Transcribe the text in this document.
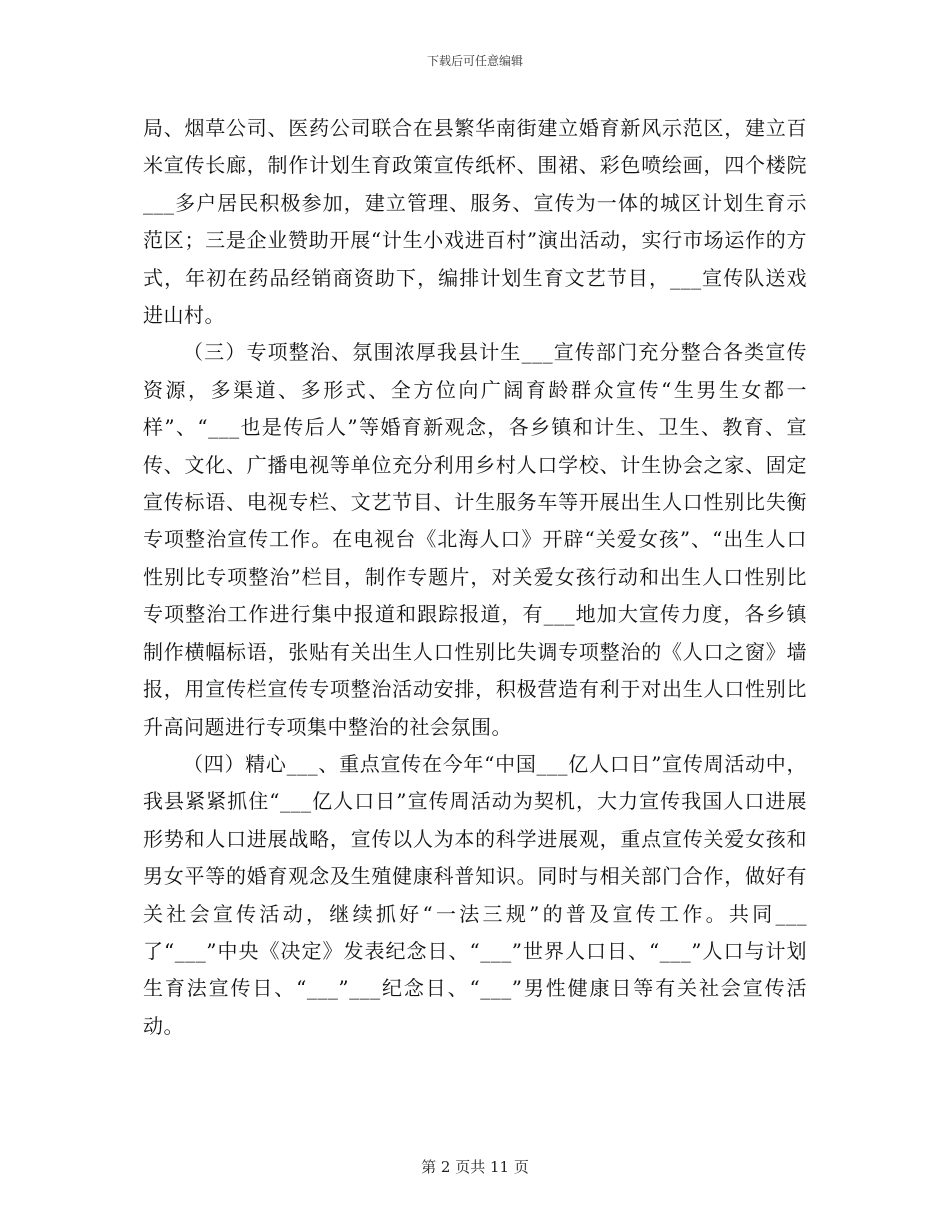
下载后可任意编辑

局、烟草公司、医药公司联合在县繁华南街建立婚育新风示范区，建立百米宣传长廊，制作计划生育政策宣传纸杯、围裙、彩色喷绘画，四个楼院___多户居民积极参加，建立管理、服务、宣传为一体的城区计划生育示范区；三是企业赞助开展“计生小戏进百村”演出活动，实行市场运作的方式，年初在药品经销商资助下，编排计划生育文艺节目，___宣传队送戏进山村。

（三）专项整治、氛围浓厚我县计生___宣传部门充分整合各类宣传资源，多渠道、多形式、全方位向广阔育龄群众宣传“生男生女都一样”、“___也是传后人”等婚育新观念，各乡镇和计生、卫生、教育、宣传、文化、广播电视等单位充分利用乡村人口学校、计生协会之家、固定宣传标语、电视专栏、文艺节目、计生服务车等开展出生人口性别比失衡专项整治宣传工作。在电视台《北海人口》开辟“关爱女孩”、“出生人口性别比专项整治”栏目，制作专题片，对关爱女孩行动和出生人口性别比专项整治工作进行集中报道和跟踪报道，有___地加大宣传力度，各乡镇制作横幅标语，张贴有关出生人口性别比失调专项整治的《人口之窗》墙报，用宣传栏宣传专项整治活动安排，积极营造有利于对出生人口性别比升高问题进行专项集中整治的社会氛围。

（四）精心___、重点宣传在今年“中国___亿人口日”宣传周活动中，我县紧紧抓住“___亿人口日”宣传周活动为契机，大力宣传我国人口进展形势和人口进展战略，宣传以人为本的科学进展观，重点宣传关爱女孩和男女平等的婚育观念及生殖健康科普知识。同时与相关部门合作，做好有关社会宣传活动，继续抓好“一法三规”的普及宣传工作。共同___了“___”中央《决定》发表纪念日、“___”世界人口日、“___”人口与计划生育法宣传日、“___”___纪念日、“___”男性健康日等有关社会宣传活动。

第 2 页共 11 页
